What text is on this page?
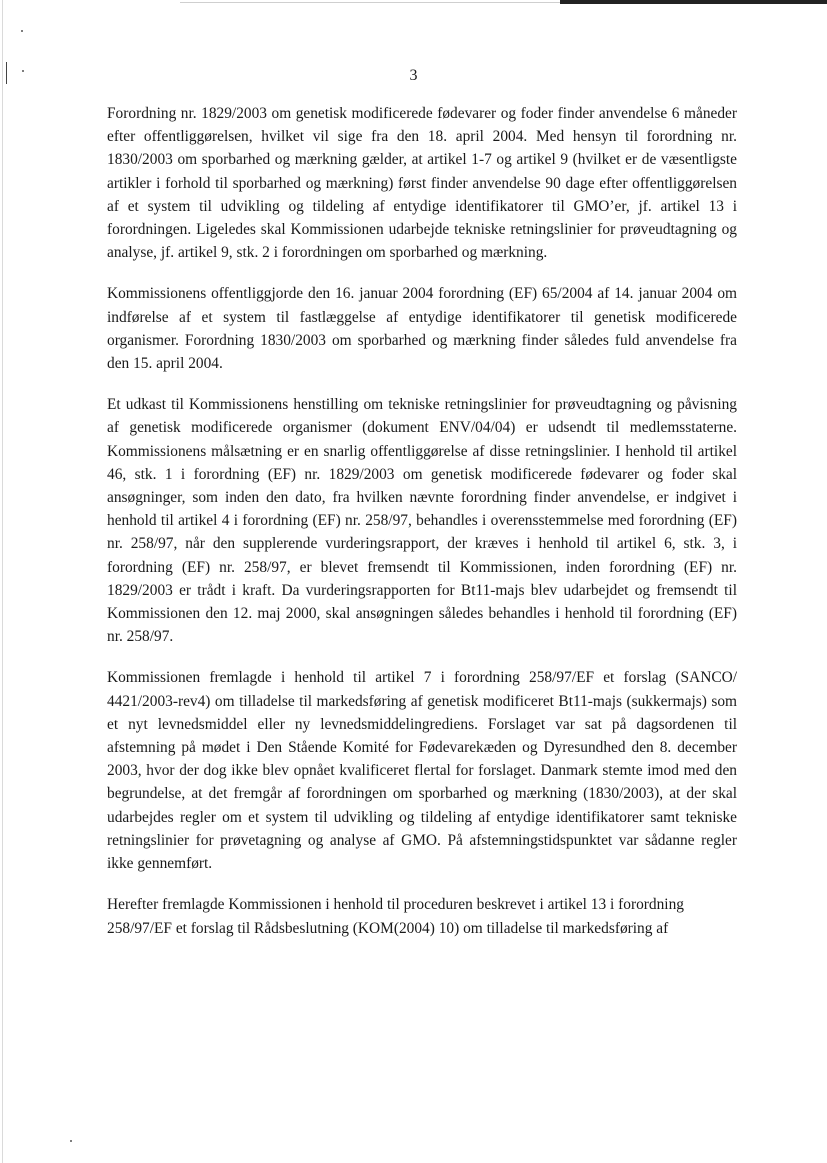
3

Forordning nr. 1829/2003 om genetisk modificerede fødevarer og foder finder anvendelse 6 måneder efter offentliggørelsen, hvilket vil sige fra den 18. april 2004. Med hensyn til forordning nr. 1830/2003 om sporbarhed og mærkning gælder, at artikel 1-7 og artikel 9 (hvilket er de væsentligste artikler i forhold til sporbarhed og mærkning) først finder anvendelse 90 dage efter offentliggørelsen af et system til udvikling og tildeling af entydige identifikatorer til GMO’er, jf. artikel 13 i forordningen. Ligeledes skal Kommissionen udarbejde tekniske retningslinier for prøveudtagning og analyse, jf. artikel 9, stk. 2 i forordningen om sporbarhed og mærkning.

Kommissionens offentliggjorde den 16. januar 2004 forordning (EF) 65/2004 af 14. januar 2004 om indførelse af et system til fastlæggelse af entydige identifikatorer til genetisk modificerede organismer. Forordning 1830/2003 om sporbarhed og mærkning finder således fuld anvendelse fra den 15. april 2004.

Et udkast til Kommissionens henstilling om tekniske retningslinier for prøveudtagning og påvisning af genetisk modificerede organismer (dokument ENV/04/04) er udsendt til medlemsstaterne. Kommissionens målsætning er en snarlig offentliggørelse af disse retningslinier. I henhold til artikel 46, stk. 1 i forordning (EF) nr. 1829/2003 om genetisk modificerede fødevarer og foder skal ansøgninger, som inden den dato, fra hvilken nævnte forordning finder anvendelse, er indgivet i henhold til artikel 4 i forordning (EF) nr. 258/97, behandles i overensstemmelse med forordning (EF) nr. 258/97, når den supplerende vurderingsrapport, der kræves i henhold til artikel 6, stk. 3, i forordning (EF) nr. 258/97, er blevet fremsendt til Kommissionen, inden forordning (EF) nr. 1829/2003 er trådt i kraft. Da vurderingsrapporten for Bt11-majs blev udarbejdet og fremsendt til Kommissionen den 12. maj 2000, skal ansøgningen således behandles i henhold til forordning (EF) nr. 258/97.

Kommissionen fremlagde i henhold til artikel 7 i forordning 258/97/EF et forslag (SANCO/ 4421/2003-rev4) om tilladelse til markedsføring af genetisk modificeret Bt11-majs (sukkermajs) som et nyt levnedsmiddel eller ny levnedsmiddelingrediens. Forslaget var sat på dagsordenen til afstemning på mødet i Den Stående Komité for Fødevarekæden og Dyresundhed den 8. december 2003, hvor der dog ikke blev opnået kvalificeret flertal for forslaget. Danmark stemte imod med den begrundelse, at det fremgår af forordningen om sporbarhed og mærkning (1830/2003), at der skal udarbejdes regler om et system til udvikling og tildeling af entydige identifikatorer samt tekniske retningslinier for prøvetagning og analyse af GMO. På afstemningstidspunktet var sådanne regler ikke gennemført.

Herefter fremlagde Kommissionen i henhold til proceduren beskrevet i artikel 13 i forordning 258/97/EF et forslag til Rådsbeslutning (KOM(2004) 10) om tilladelse til markedsføring af
